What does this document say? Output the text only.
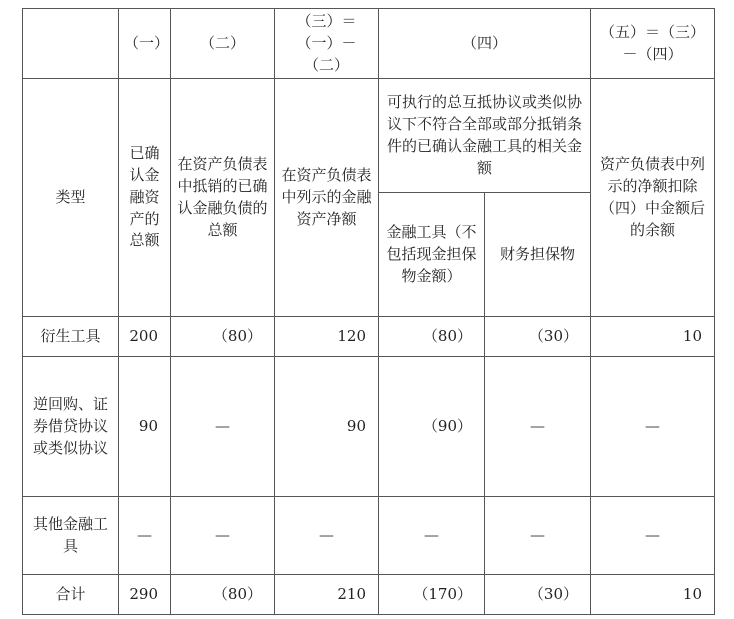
	（一）	（二）	（三）＝（一）－（二）	（四）		（五）＝（三）－（四）
类型	已确认金融资产的总额	在资产负债表中抵销的已确认金融负债的总额	在资产负债表中列示的金融资产净额	可执行的总互抵协议或类似协议下不符合全部或部分抵销条件的已确认金融工具的相关金额		资产负债表中列示的净额扣除（四）中金额后的余额
				金融工具（不包括现金担保物金额）	财务担保物	
衍生工具	200	（80）	120	（80）	（30）	10
逆回购、证券借贷协议或类似协议	90	—	90	（90）	—	—
其他金融工具	—	—	—	—	—	—
合计	290	（80）	210	（170）	（30）	10
